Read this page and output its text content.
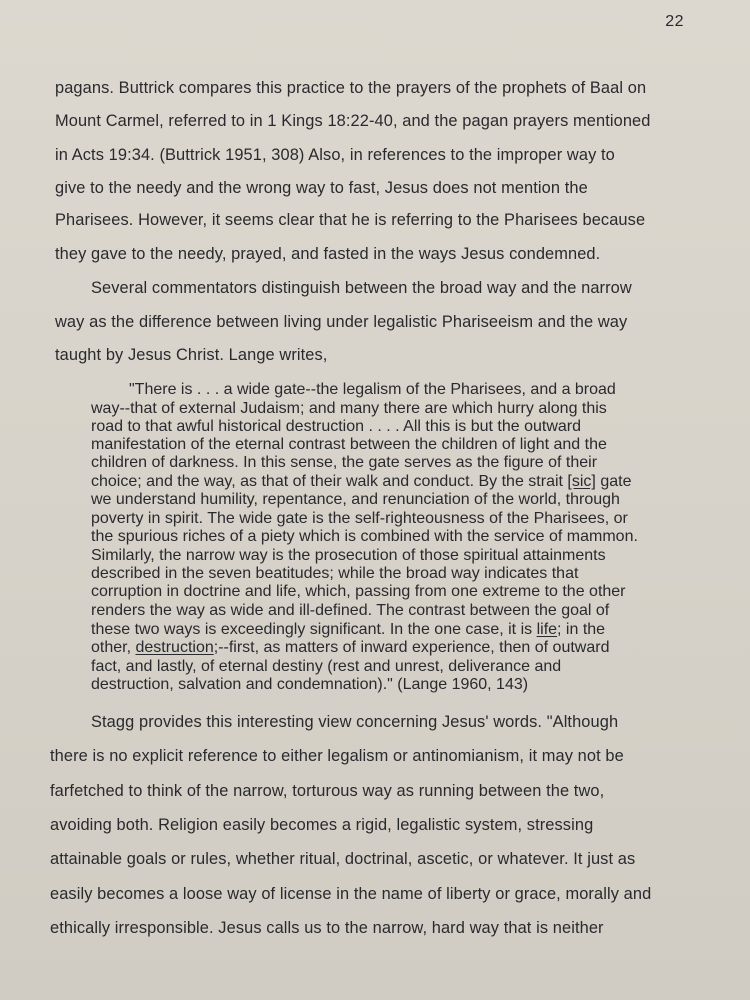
22
pagans. Buttrick compares this practice to the prayers of the prophets of Baal on
Mount Carmel, referred to in 1 Kings 18:22-40, and the pagan prayers mentioned
in Acts 19:34. (Buttrick 1951, 308) Also, in references to the improper way to
give to the needy and the wrong way to fast, Jesus does not mention the
Pharisees. However, it seems clear that he is referring to the Pharisees because
they gave to the needy, prayed, and fasted in the ways Jesus condemned.
Several commentators distinguish between the broad way and the narrow
way as the difference between living under legalistic Phariseeism and the way
taught by Jesus Christ. Lange writes,
"There is . . . a wide gate--the legalism of the Pharisees, and a broad
way--that of external Judaism; and many there are which hurry along this
road to that awful historical destruction . . . . All this is but the outward
manifestation of the eternal contrast between the children of light and the
children of darkness. In this sense, the gate serves as the figure of their
choice; and the way, as that of their walk and conduct. By the strait [sic] gate
we understand humility, repentance, and renunciation of the world, through
poverty in spirit. The wide gate is the self-righteousness of the Pharisees, or
the spurious riches of a piety which is combined with the service of mammon.
Similarly, the narrow way is the prosecution of those spiritual attainments
described in the seven beatitudes; while the broad way indicates that
corruption in doctrine and life, which, passing from one extreme to the other
renders the way as wide and ill-defined. The contrast between the goal of
these two ways is exceedingly significant. In the one case, it is life; in the
other, destruction;--first, as matters of inward experience, then of outward
fact, and lastly, of eternal destiny (rest and unrest, deliverance and
destruction, salvation and condemnation)." (Lange 1960, 143)
Stagg provides this interesting view concerning Jesus' words. "Although
there is no explicit reference to either legalism or antinomianism, it may not be
farfetched to think of the narrow, torturous way as running between the two,
avoiding both. Religion easily becomes a rigid, legalistic system, stressing
attainable goals or rules, whether ritual, doctrinal, ascetic, or whatever. It just as
easily becomes a loose way of license in the name of liberty or grace, morally and
ethically irresponsible. Jesus calls us to the narrow, hard way that is neither
